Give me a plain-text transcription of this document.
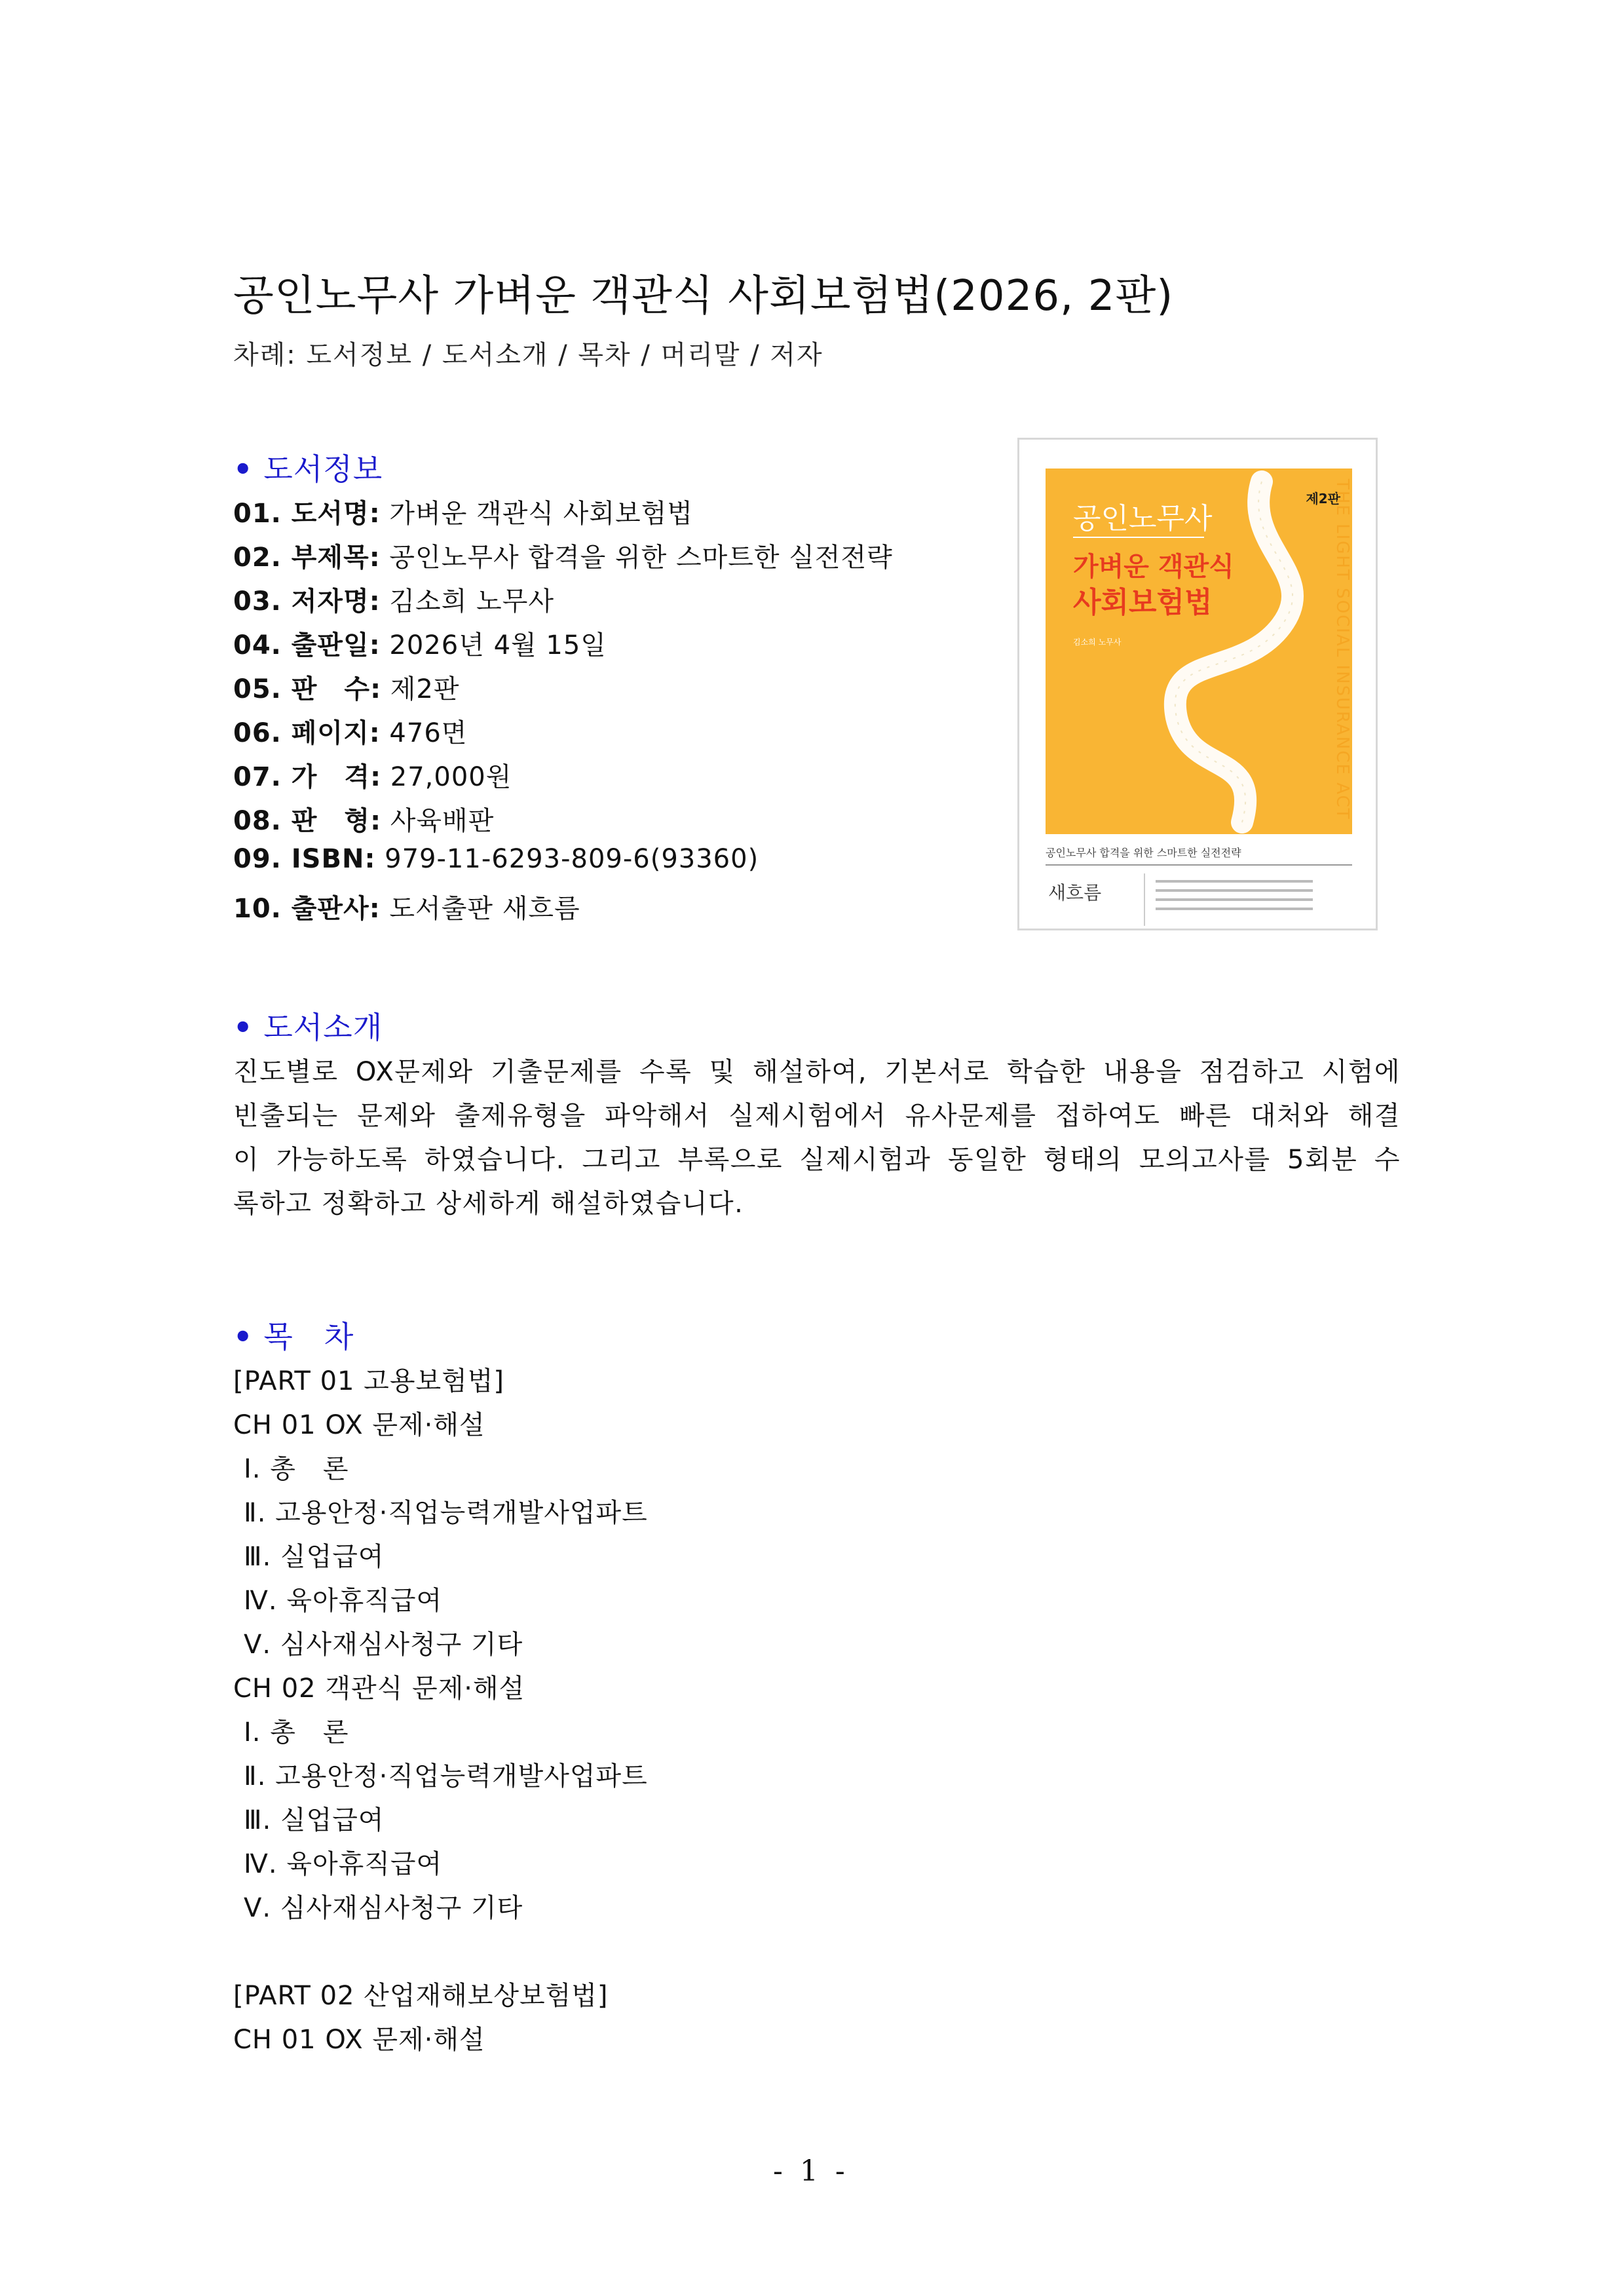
공인노무사 가벼운 객관식 사회보험법(2026, 2판)
차례: 도서정보 / 도서소개 / 목차 / 머리말 / 저자
• 도서정보
01. 도서명: 가벼운 객관식 사회보험법
02. 부제목: 공인노무사 합격을 위한 스마트한 실전전략
03. 저자명: 김소희 노무사
04. 출판일: 2026년 4월 15일
05. 판　수: 제2판
06. 페이지: 476면
07. 가　격: 27,000원
08. 판　형: 사육배판
09. ISBN: 979-11-6293-809-6(93360)
10. 출판사: 도서출판 새흐름
공인노무사
제2판
가벼운 객관식
사회보험법
김소희 노무사	THE LIGHT SOCIAL INSURANCE ACT
공인노무사 합격을 위한 스마트한 실전전략
새흐름
• 도서소개
진도별로 OX문제와 기출문제를 수록 및 해설하여, 기본서로 학습한 내용을 점검하고 시험에
빈출되는 문제와 출제유형을 파악해서 실제시험에서 유사문제를 접하여도 빠른 대처와 해결
이 가능하도록 하였습니다. 그리고 부록으로 실제시험과 동일한 형태의 모의고사를 5회분 수
록하고 정확하고 상세하게 해설하였습니다.
• 목　차
[PART 01 고용보험법]
CH 01 OX 문제·해설
Ⅰ. 총　론
Ⅱ. 고용안정·직업능력개발사업파트
Ⅲ. 실업급여
Ⅳ. 육아휴직급여
Ⅴ. 심사재심사청구 기타
CH 02 객관식 문제·해설
Ⅰ. 총　론
Ⅱ. 고용안정·직업능력개발사업파트
Ⅲ. 실업급여
Ⅳ. 육아휴직급여
Ⅴ. 심사재심사청구 기타
[PART 02 산업재해보상보험법]
CH 01 OX 문제·해설
- 1 -
